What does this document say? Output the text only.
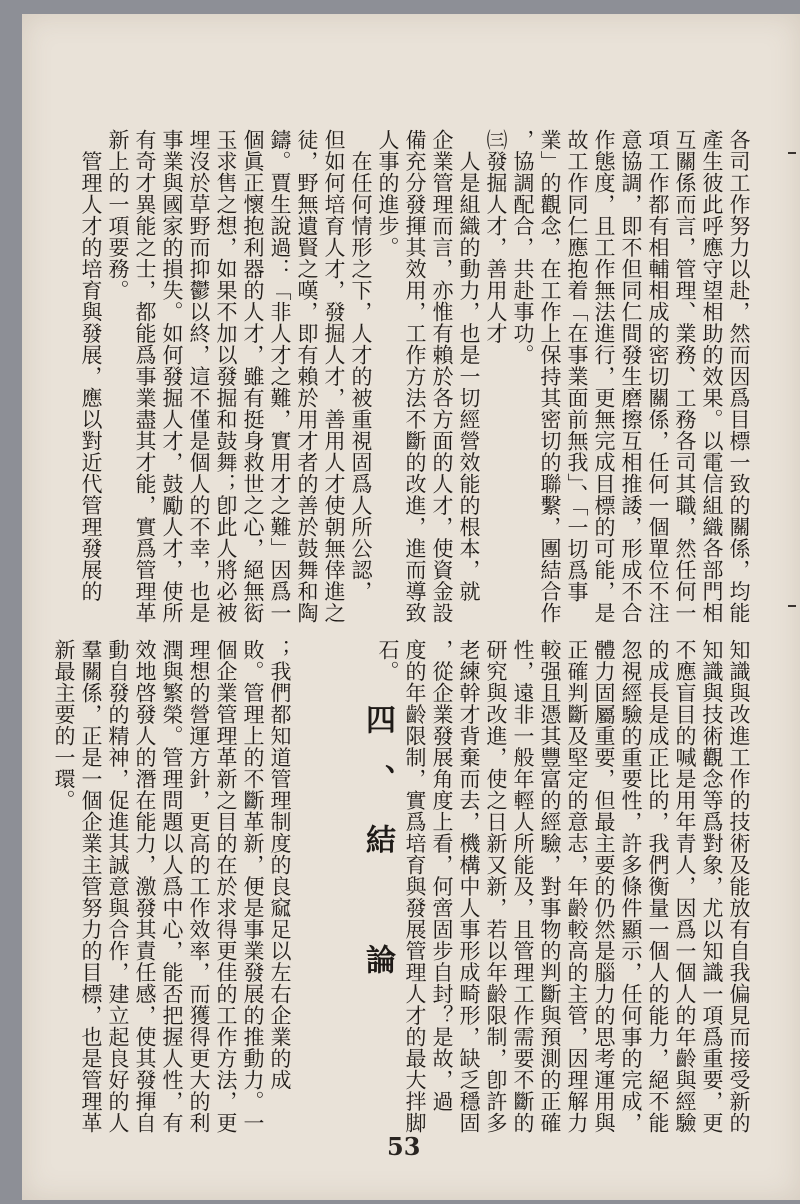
各司工作努力以赴，然而因爲目標一致的關係，均能
產生彼此呼應守望相助的效果。以電信組織各部門相
互關係而言，管理、業務、工務各司其職，然任何一
項工作都有相輔相成的密切關係，任何一個單位不注
意協調，即不但同仁間發生磨擦互相推諉，形成不合
作態度，且工作無法進行，更無完成目標的可能，是
故工作同仁應抱着「在事業面前無我」、「一切爲事
業」的觀念，在工作上保持其密切的聯繫，團結合作
，協調配合，共赴事功。
㈢發掘人才，善用人才
　人是組織的動力，也是一切經營效能的根本，就
企業管理而言，亦惟有賴於各方面的人才，使資金設
備充分發揮其效用，工作方法不斷的改進，進而導致
人事的進步。
　在任何情形之下，人才的被重視固爲人所公認，
但如何培育人才，發掘人才，善用人才使朝無倖進之
徒，野無遺賢之嘆，即有賴於用才者的善於鼓舞和陶
鑄。賈生說過：「非人才之難，實用才之難」因爲一
個眞正懷抱利器的人才，雖有挺身救世之心，絕無衒
玉求售之想，如果不加以發掘和鼓舞；卽此人將必被
埋沒於草野而抑鬱以終，這不僅是個人的不幸，也是
事業與國家的損失。如何發掘人才，鼓勵人才，使所
有奇才異能之士，都能爲事業盡其才能，實爲管理革
新上的一項要務。
　管理人才的培育與發展，應以對近代管理發展的

知識與改進工作的技術及能放有自我偏見而接受新的
知識與技術觀念等爲對象，尤以知識一項爲重要，更
不應盲目的喊是用年青人，因爲一個人的年齡與經驗
的成長是成正比的，我們衡量一個人的能力，絕不能
忽視經驗的重要性，許多條件顯示，任何事的完成，
體力固屬重要，但最主要的仍然是腦力的思考運用與
正確判斷及堅定的意志，年齡較高的主管，因理解力
較强且憑其豐富的經驗，對事物的判斷與預測的正確
性，遠非一般年輕人所能及，且管理工作需要不斷的
研究與改進，使之日新又新，若以年齡限制，卽許多
老練幹才背棄而去，機構中人事形成畸形，缺乏穩固
，從企業發展角度上看，何啻固步自封？是故，過
度的年齡限制，實爲培育與發展管理人才的最大拌脚
石。

；我們都知道管理制度的良窳足以左右企業的成
敗。管理上的不斷革新，便是事業發展的推動力。一
個企業管理革新之目的在於求得更佳的工作方法，更
理想的營運方針，更高的工作效率，而獲得更大的利
潤與繁榮。管理問題以人爲中心，能否把握人性，有
效地啓發人的潛在能力，激發其責任感，使其發揮自
動自發的精神，促進其誠意與合作，建立起良好的人
羣關係，正是一個企業主管努力的目標，也是管理革
新最主要的一環。	四、結　論
53
